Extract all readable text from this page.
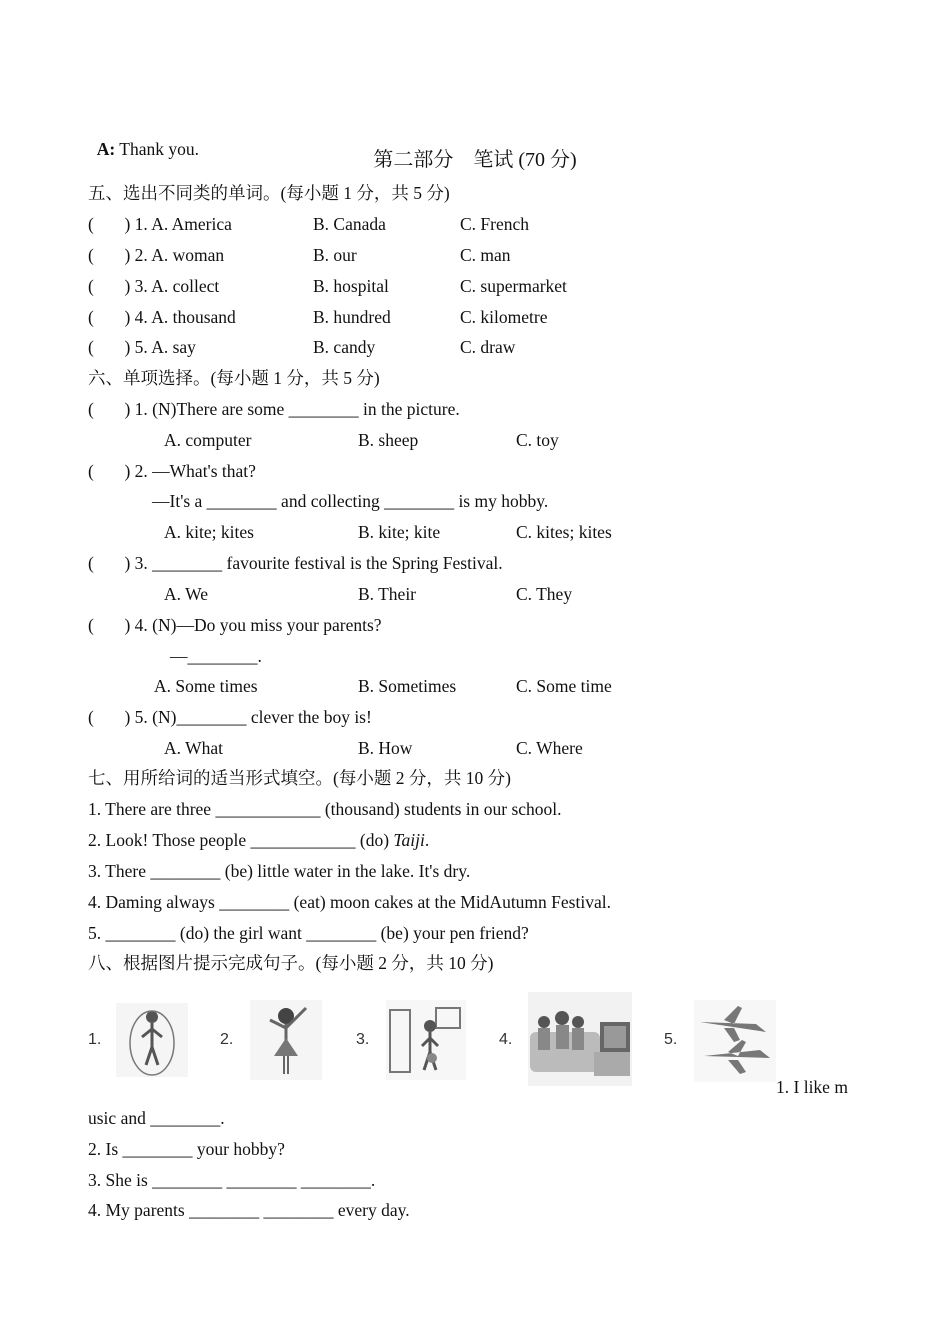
A: Thank you.	第二部分　笔试 (70 分)
五、选出不同类的单词。(每小题 1 分，共 5 分)
(       ) 1. A. America	B. Canada	C. French
(       ) 2. A. woman	B. our	C. man
(       ) 3. A. collect	B. hospital	C. supermarket
(       ) 4. A. thousand	B. hundred	C. kilometre
(       ) 5. A. say	B. candy	C. draw
六、单项选择。(每小题 1 分，共 5 分)
(       ) 1. (N)There are some ________ in the picture.
A. computer	B. sheep	C. toy
(       ) 2. —What's that?
—It's a ________ and collecting ________ is my hobby.
A. kite; kites	B. kite; kite	C. kites; kites
(       ) 3. ________ favourite festival is the Spring Festival.
A. We	B. Their	C. They
(       ) 4. (N)—Do you miss your parents?
—________.
A. Some times	B. Sometimes	C. Some time
(       ) 5. (N)________ clever the boy is!
A. What	B. How	C. Where
七、用所给词的适当形式填空。(每小题 2 分，共 10 分)
1. There are three ____________ (thousand) students in our school.
2. Look! Those people ____________ (do) Taiji.
3. There ________ (be) little water in the lake. It's dry.
4. Daming always ________ (eat) moon cakes at the MidAutumn Festival.
5. ________ (do) the girl want ________ (be) your pen friend?
八、根据图片提示完成句子。(每小题 2 分，共 10 分)
1.	2.	3.	4.	5.
1. I like m
usic and ________.
2. Is ________ your hobby?
3. She is ________ ________ ________.
4. My parents ________ ________ every day.
